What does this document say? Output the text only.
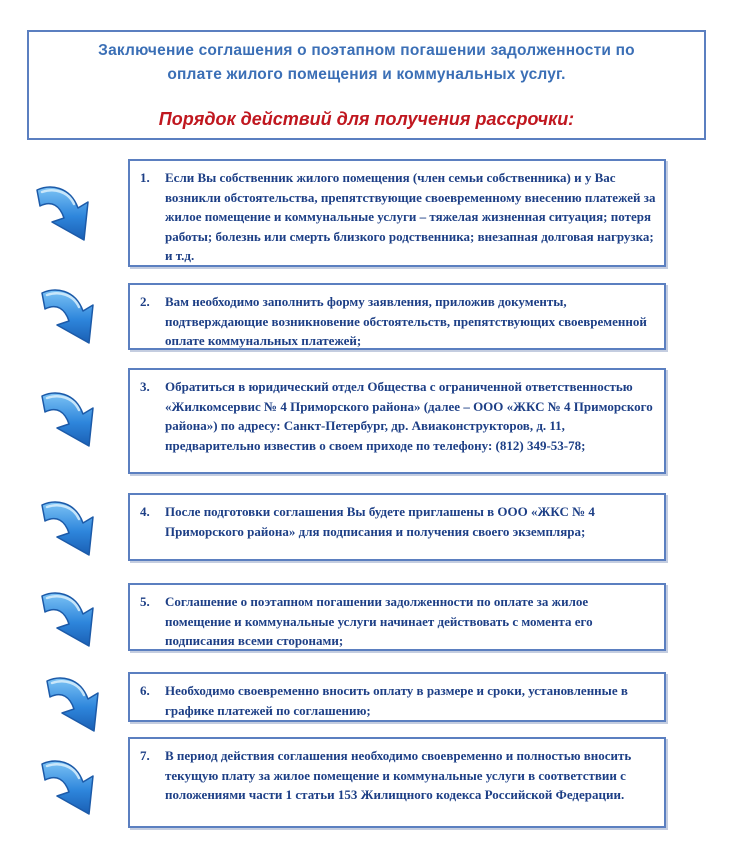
Заключение соглашения о поэтапном погашении задолженности по
оплате жилого помещения и коммунальных услуг.
Порядок действий для получения рассрочки:
1.	Если Вы собственник жилого помещения (член семьи собственника) и у Вас возникли обстоятельства, препятствующие своевременному внесению платежей за жилое помещение и коммунальные услуги – тяжелая жизненная ситуация; потеря работы; болезнь или смерть близкого родственника; внезапная долговая нагрузка; и т.д.
2.	Вам необходимо заполнить форму заявления, приложив документы, подтверждающие возникновение обстоятельств, препятствующих своевременной оплате коммунальных платежей;
3.	Обратиться в юридический отдел Общества с ограниченной ответственностью «Жилкомсервис № 4 Приморского района» (далее – ООО «ЖКС № 4 Приморского района») по адресу: Санкт-Петербург, др. Авиаконструкторов, д. 11, предварительно известив о своем приходе по телефону: (812) 349-53-78;
4.	После подготовки соглашения Вы будете приглашены в ООО «ЖКС № 4 Приморского района» для подписания и получения своего экземпляра;
5.	Соглашение о поэтапном погашении задолженности по оплате за жилое помещение и коммунальные услуги начинает действовать с момента его подписания всеми сторонами;
6.	Необходимо своевременно вносить оплату в размере и сроки, установленные в графике платежей по соглашению;
7.	В период действия соглашения необходимо своевременно и полностью вносить текущую плату за жилое помещение и коммунальные услуги в соответствии с положениями части 1 статьи 153 Жилищного кодекса Российской Федерации.
